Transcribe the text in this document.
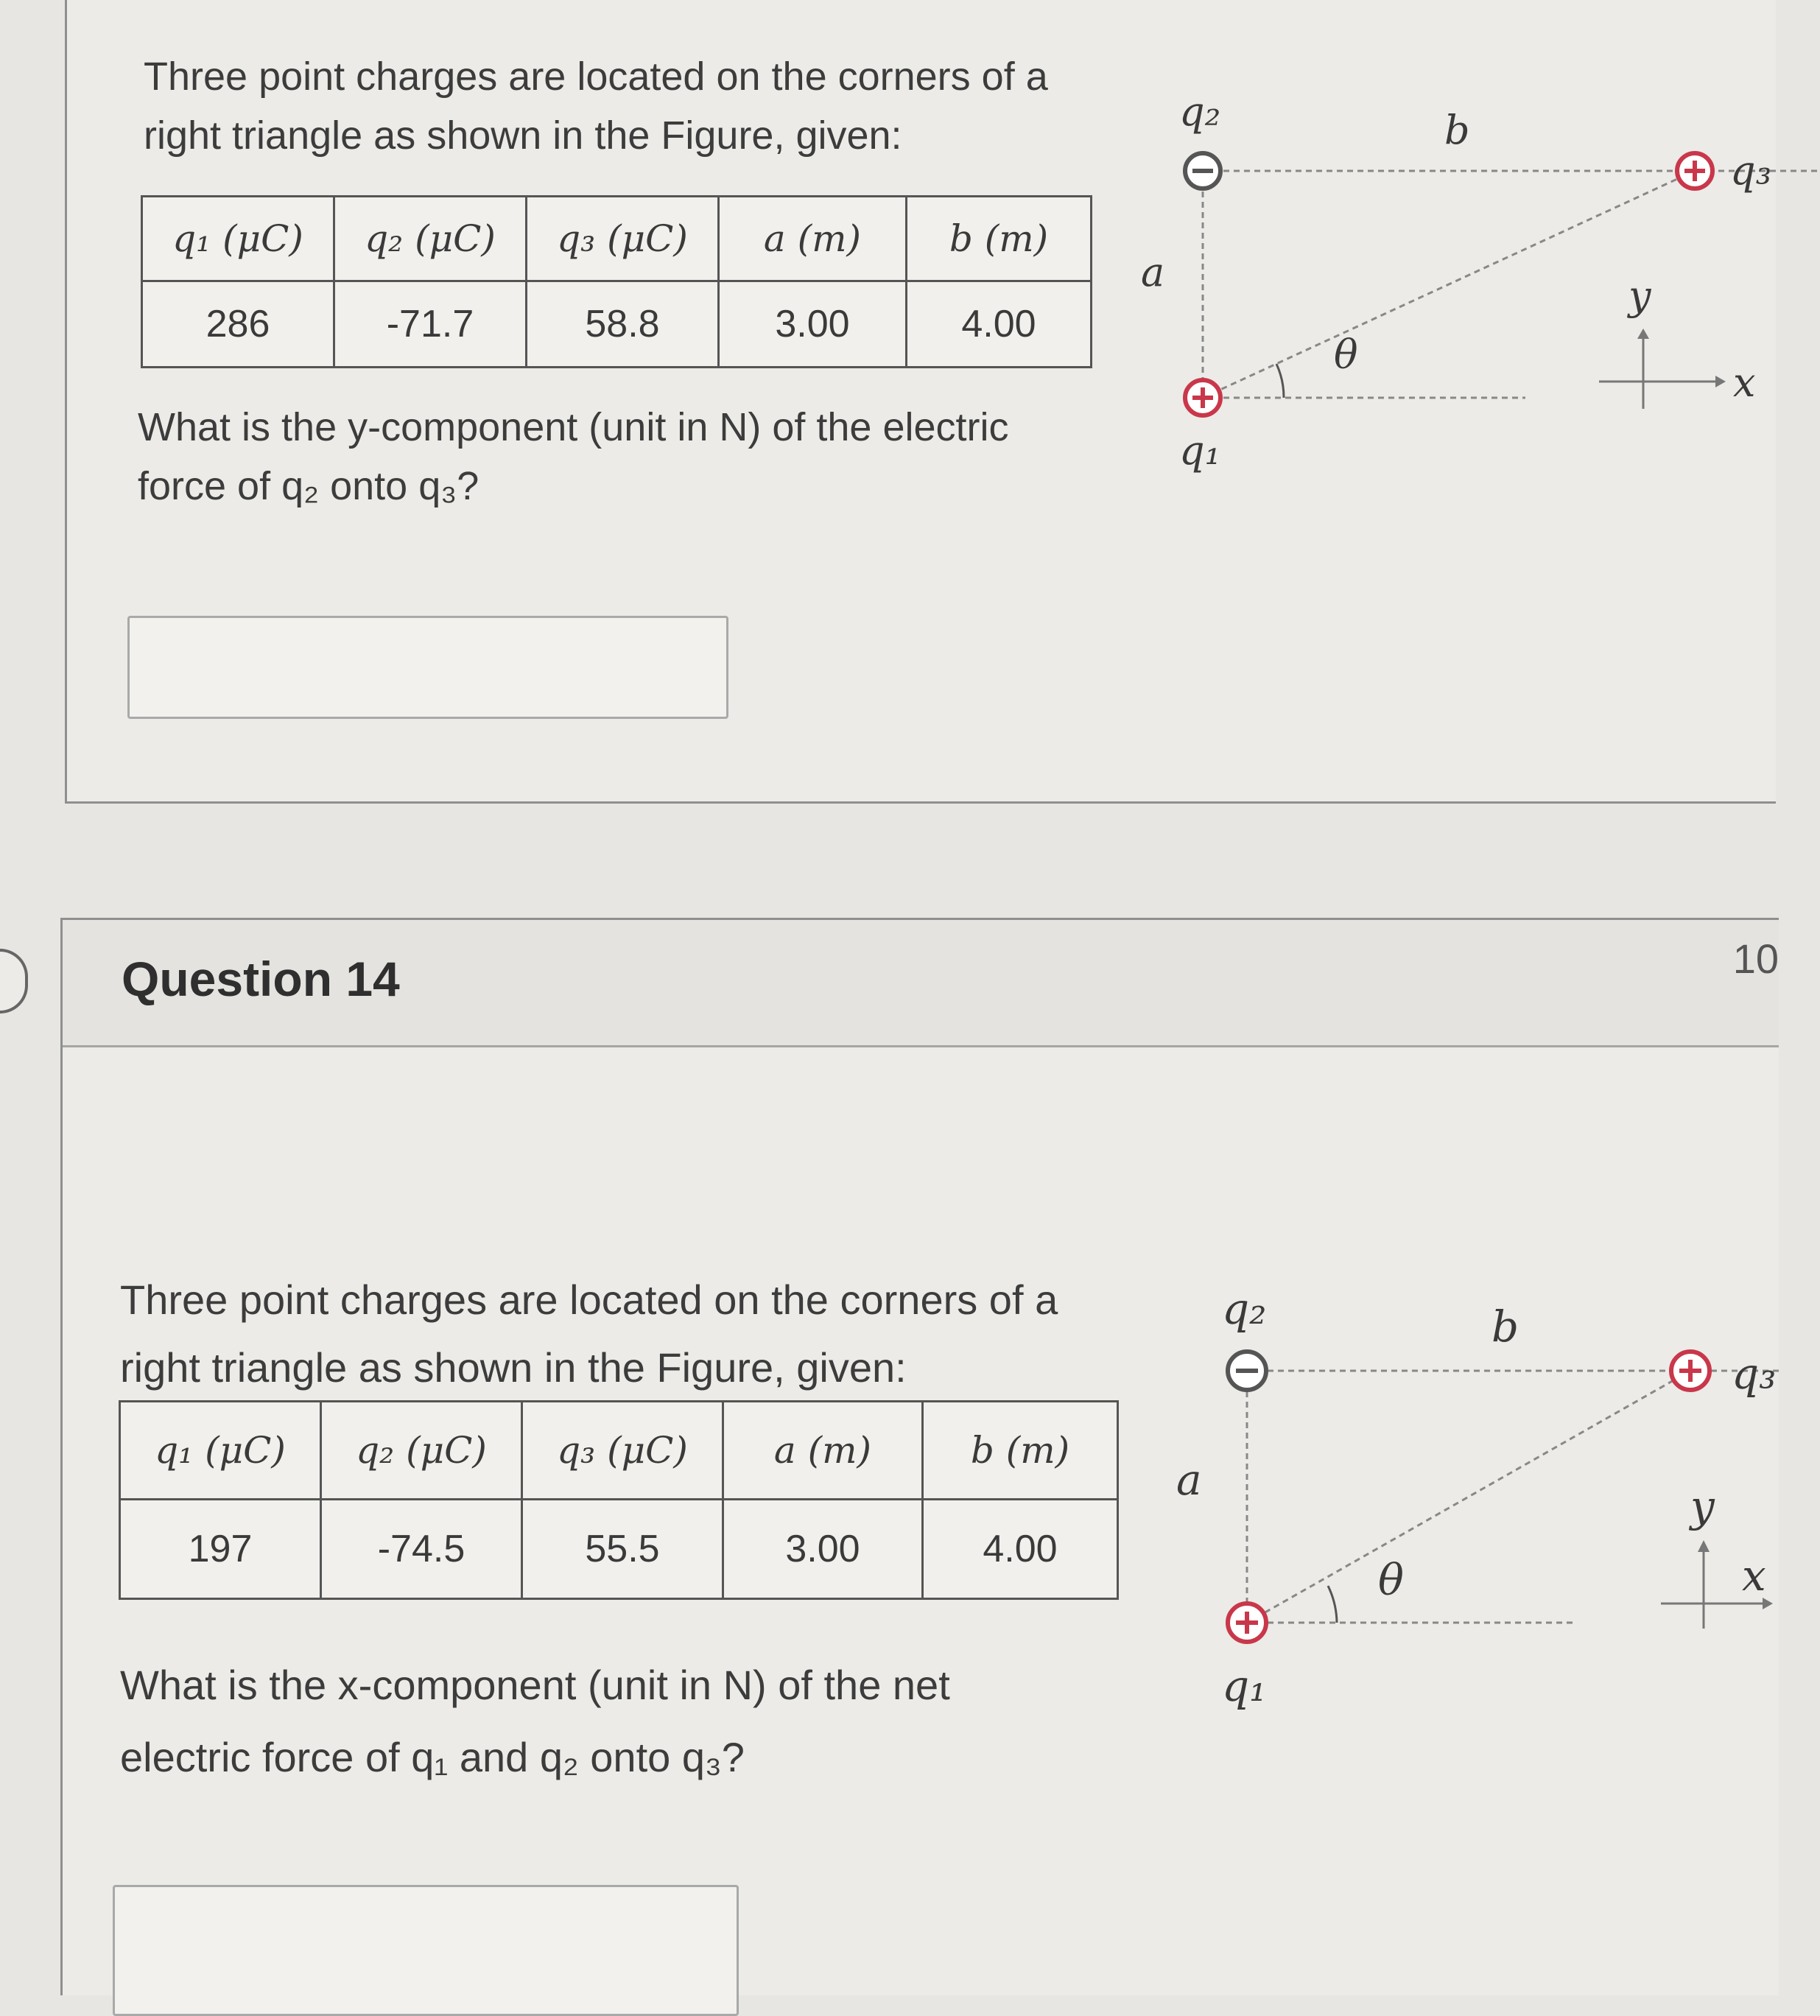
Three point charges are located on the corners of a
right triangle as shown in the Figure, given:
q₁ (μC)	q₂ (μC)	q₃ (μC)	a (m)	b (m)
286	-71.7	58.8	3.00	4.00
What is the y-component (unit in N) of the electric
force of q₂ onto q₃?
q₂
q₁
q₃
a
b
θ
y
x
Question 14	10
Three point charges are located on the corners of a
right triangle as shown in the Figure, given:
q₁ (μC)	q₂ (μC)	q₃ (μC)	a (m)	b (m)
197	-74.5	55.5	3.00	4.00
What is the x-component (unit in N) of the net
electric force of q₁ and q₂ onto q₃?
q₂
q₁
q₃
a
b
θ
y
x
